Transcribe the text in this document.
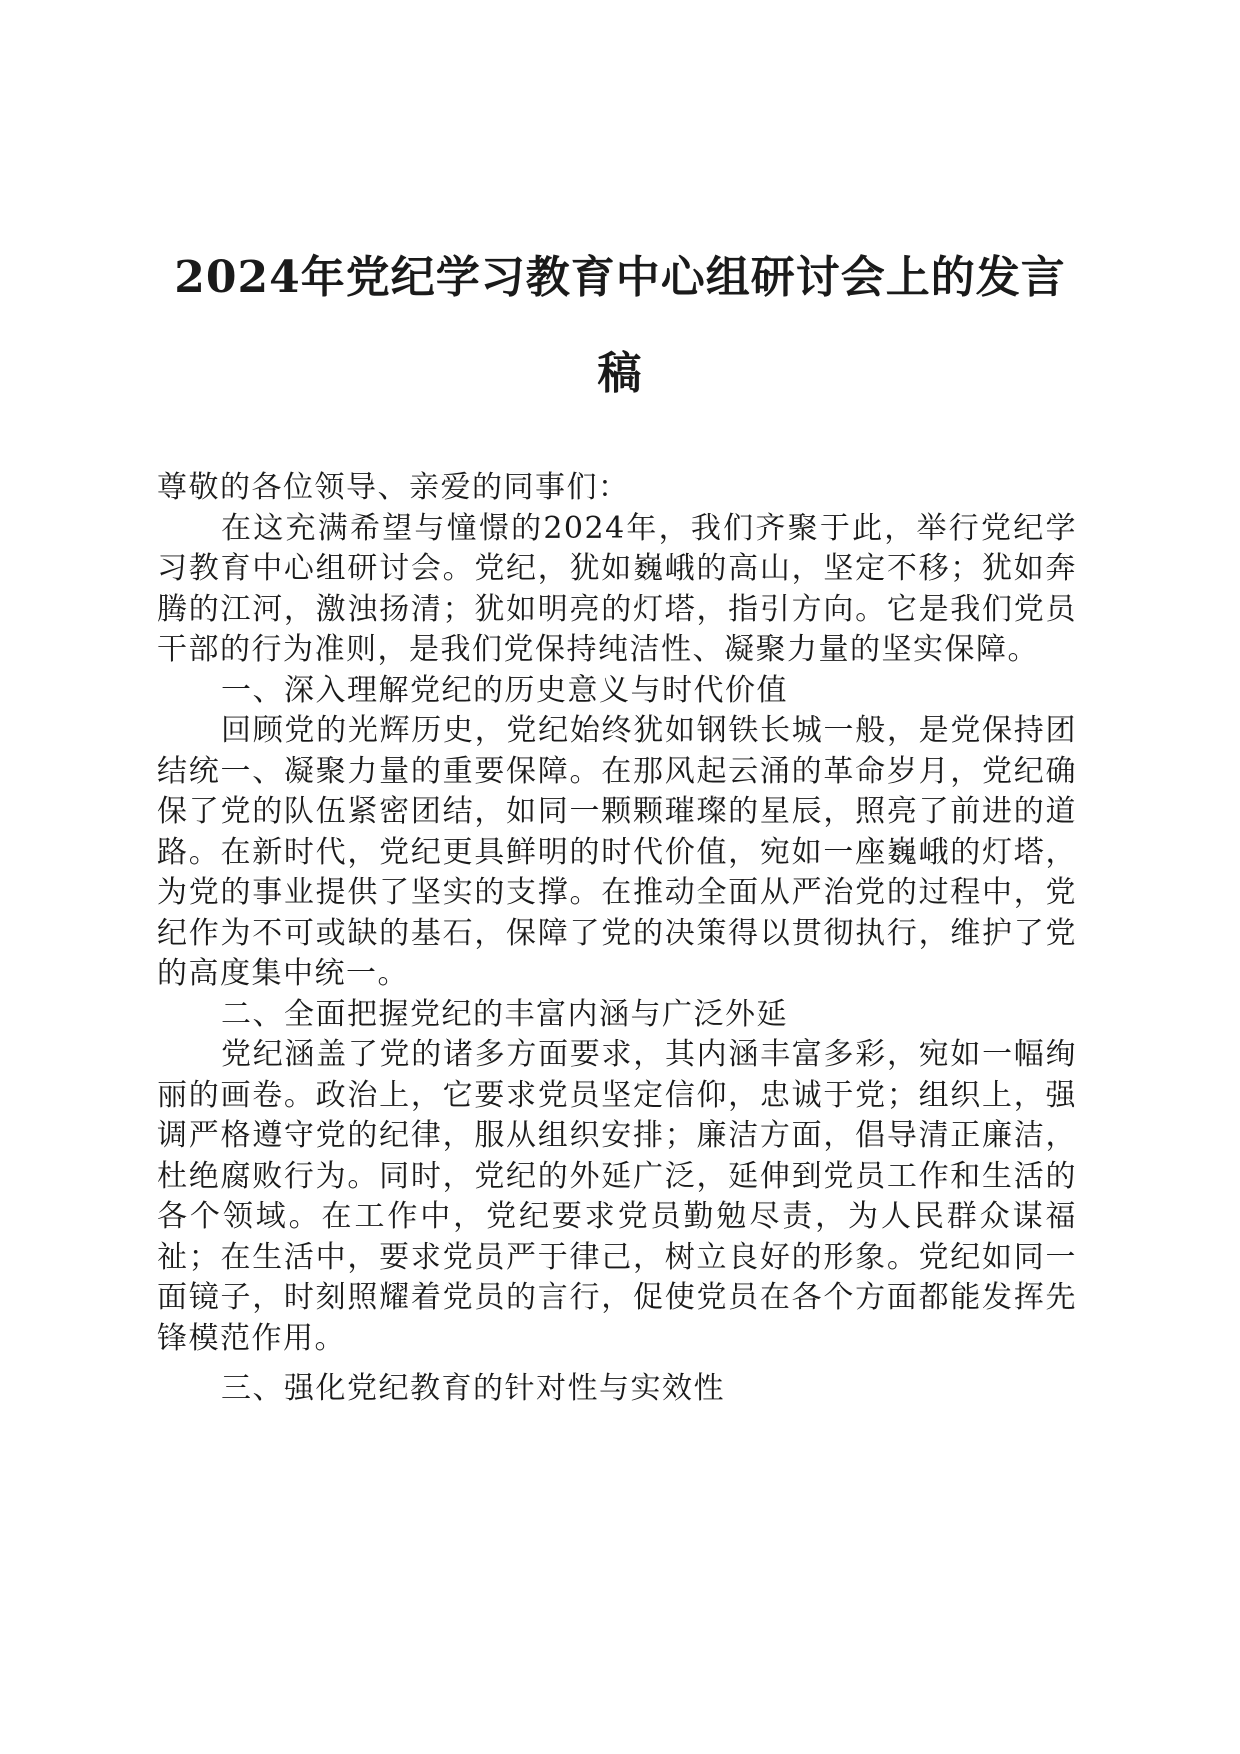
2024年党纪学习教育中心组研讨会上的发言
稿

尊敬的各位领导、亲爱的同事们：

在这充满希望与憧憬的2024年，我们齐聚于此，举行党纪学习教育中心组研讨会。党纪，犹如巍峨的高山，坚定不移；犹如奔腾的江河，激浊扬清；犹如明亮的灯塔，指引方向。它是我们党员干部的行为准则，是我们党保持纯洁性、凝聚力量的坚实保障。

一、深入理解党纪的历史意义与时代价值

回顾党的光辉历史，党纪始终犹如钢铁长城一般，是党保持团结统一、凝聚力量的重要保障。在那风起云涌的革命岁月，党纪确保了党的队伍紧密团结，如同一颗颗璀璨的星辰，照亮了前进的道路。在新时代，党纪更具鲜明的时代价值，宛如一座巍峨的灯塔，为党的事业提供了坚实的支撑。在推动全面从严治党的过程中，党纪作为不可或缺的基石，保障了党的决策得以贯彻执行，维护了党的高度集中统一。

二、全面把握党纪的丰富内涵与广泛外延

党纪涵盖了党的诸多方面要求，其内涵丰富多彩，宛如一幅绚丽的画卷。政治上，它要求党员坚定信仰，忠诚于党；组织上，强调严格遵守党的纪律，服从组织安排；廉洁方面，倡导清正廉洁，杜绝腐败行为。同时，党纪的外延广泛，延伸到党员工作和生活的各个领域。在工作中，党纪要求党员勤勉尽责，为人民群众谋福祉；在生活中，要求党员严于律己，树立良好的形象。党纪如同一面镜子，时刻照耀着党员的言行，促使党员在各个方面都能发挥先锋模范作用。

三、强化党纪教育的针对性与实效性
